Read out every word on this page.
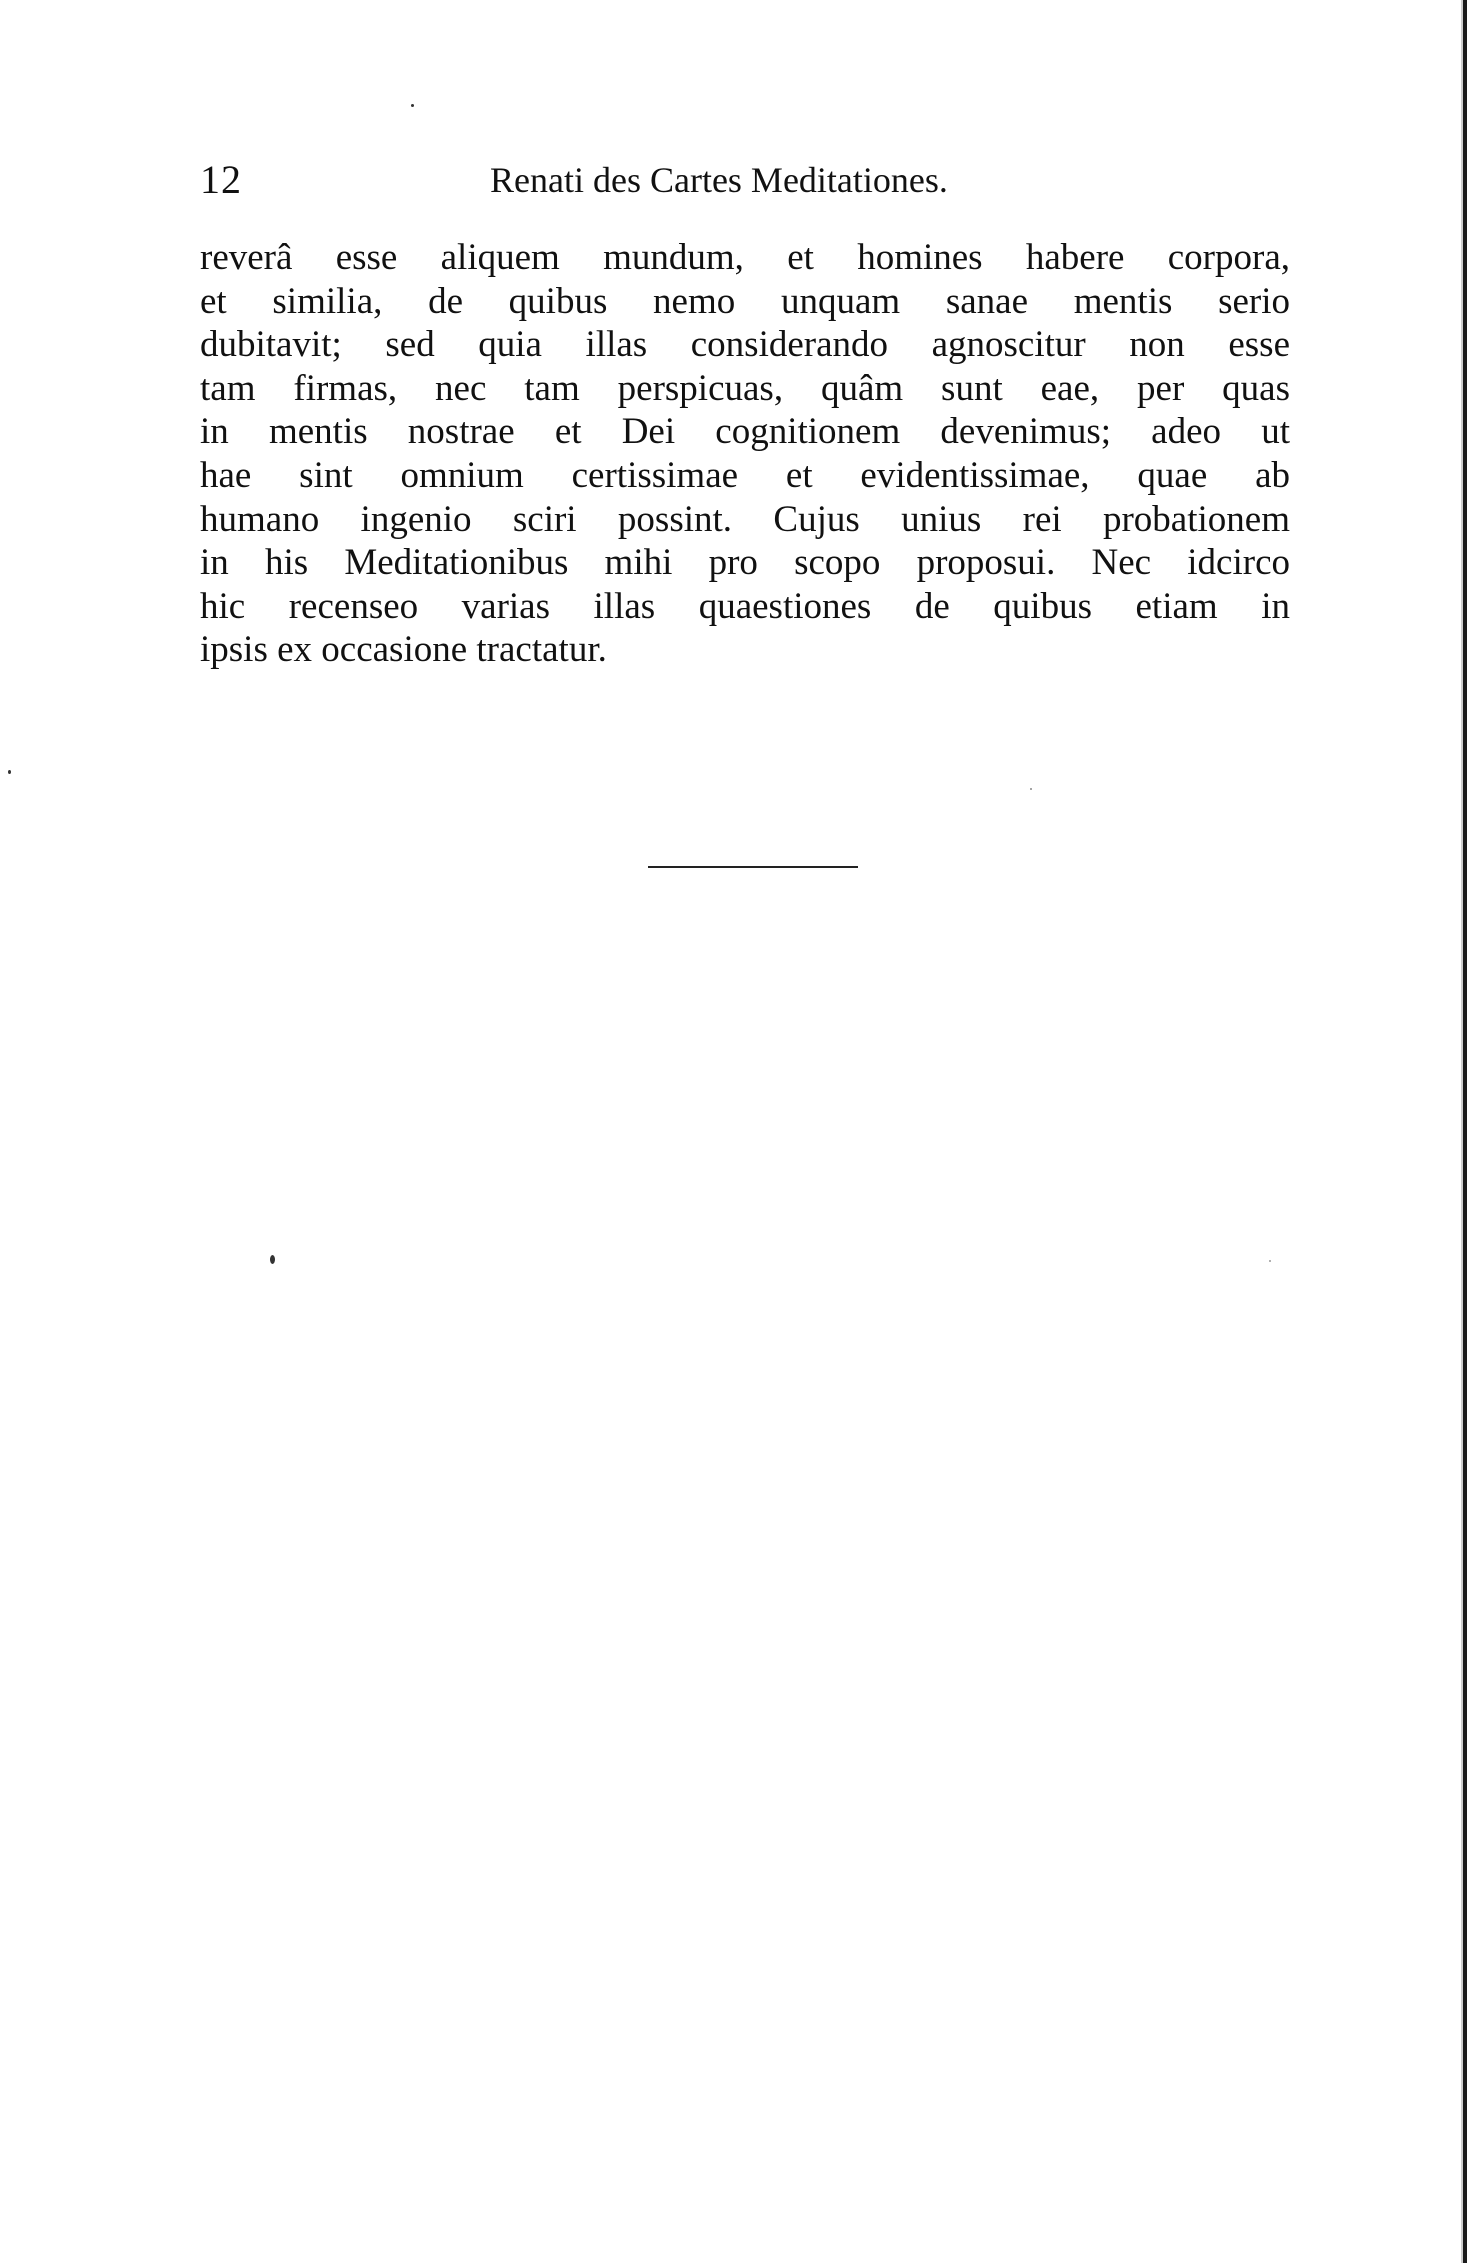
12	Renati des Cartes Meditationes.
reverâ esse aliquem mundum, et homines habere corpora,
et similia, de quibus nemo unquam sanae mentis serio
dubitavit; sed quia illas considerando agnoscitur non esse
tam firmas, nec tam perspicuas, quâm sunt eae, per quas
in mentis nostrae et Dei cognitionem devenimus; adeo ut
hae sint omnium certissimae et evidentissimae, quae ab
humano ingenio sciri possint. Cujus unius rei probationem
in his Meditationibus mihi pro scopo proposui. Nec idcirco
hic recenseo varias illas quaestiones de quibus etiam in
ipsis ex occasione tractatur.
